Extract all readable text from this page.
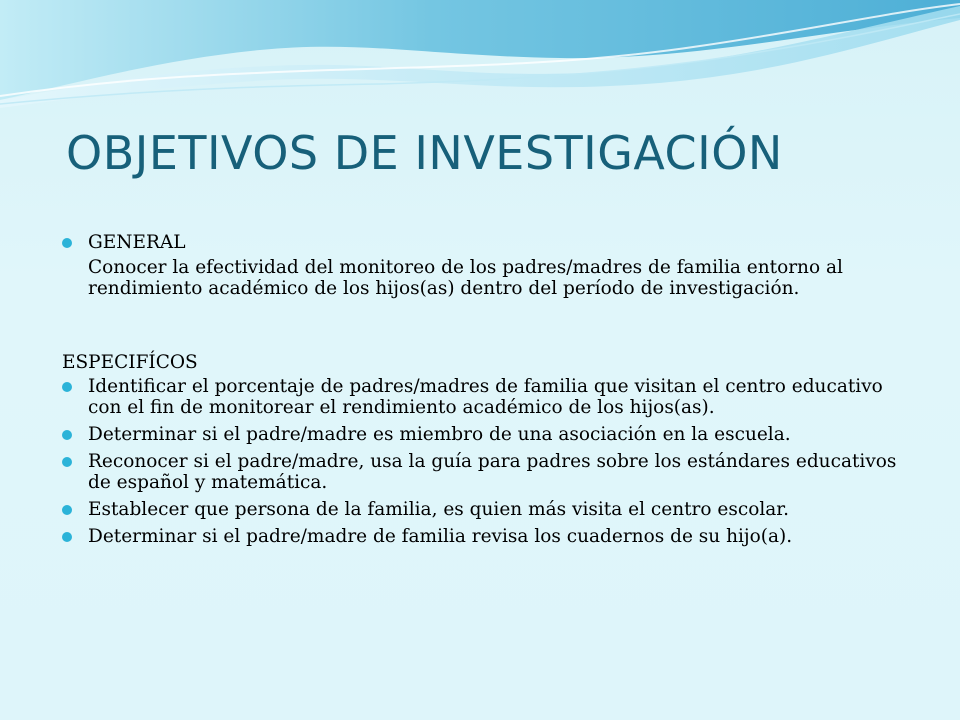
OBJETIVOS DE INVESTIGACIÓN
GENERAL

Conocer la efectividad del monitoreo de los padres/madres de familia entorno al rendimiento académico de los hijos(as) dentro del período de investigación.

ESPECIFÍCOS

Identificar el porcentaje de padres/madres de familia que visitan el centro educativo con el fin de monitorear el rendimiento académico de los hijos(as).
Determinar si el padre/madre es miembro de una asociación en la escuela.
Reconocer si el padre/madre, usa la guía para padres sobre los estándares educativos de español y matemática.
Establecer que persona de la familia, es quien más visita el centro escolar.
Determinar si el padre/madre de familia revisa los cuadernos de su hijo(a).
